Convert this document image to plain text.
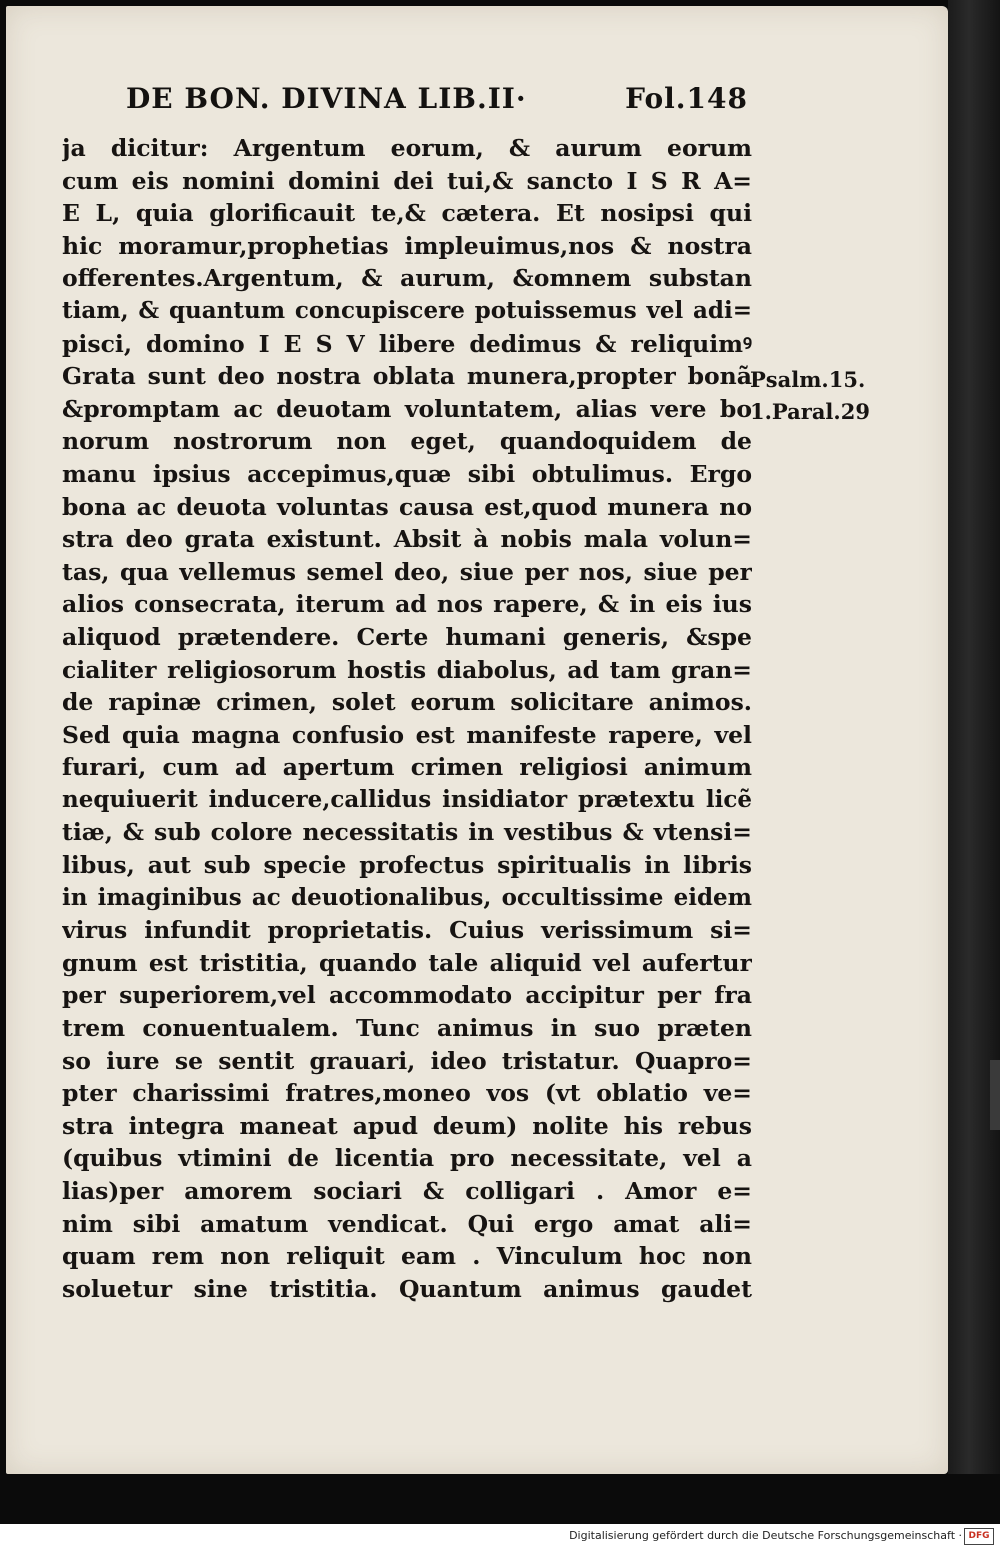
DE BON. DIVINA LIB.II·	Fol.148
ja dicitur: Argentum eorum, & aurum eorum
cum eis nomini domini dei tui,& sancto I S R A=
E L, quia glorificauit te,& cætera. Et nosipsi qui
hic moramur,prophetias impleuimus,nos & nostra
offerentes.Argentum, & aurum, &omnem substan
tiam, & quantum concupiscere potuissemus vel adi=
pisci, domino I E S V libere dedimus & reliquimꝰ
Grata sunt deo nostra oblata munera,propter bonã
&promptam ac deuotam voluntatem, alias vere bo
norum nostrorum non eget, quandoquidem de
manu ipsius accepimus,quæ sibi obtulimus. Ergo
bona ac deuota voluntas causa est,quod munera no
stra deo grata existunt. Absit à nobis mala volun=
tas, qua vellemus semel deo, siue per nos, siue per
alios consecrata, iterum ad nos rapere, & in eis ius
aliquod prætendere. Certe humani generis, &spe
cialiter religiosorum hostis diabolus, ad tam gran=
de rapinæ crimen, solet eorum solicitare animos.
Sed quia magna confusio est manifeste rapere, vel
furari, cum ad apertum crimen religiosi animum
nequiuerit inducere,callidus insidiator prætextu licẽ
tiæ, & sub colore necessitatis in vestibus & vtensi=
libus, aut sub specie profectus spiritualis in libris
in imaginibus ac deuotionalibus, occultissime eidem
virus infundit proprietatis. Cuius verissimum si=
gnum est tristitia, quando tale aliquid vel aufertur
per superiorem,vel accommodato accipitur per fra
trem conuentualem. Tunc animus in suo præten
so iure se sentit grauari, ideo tristatur. Quapro=
pter charissimi fratres,moneo vos (vt oblatio ve=
stra integra maneat apud deum) nolite his rebus
(quibus vtimini de licentia pro necessitate, vel a
lias)per amorem sociari & colligari . Amor e=
nim sibi amatum vendicat. Qui ergo amat ali=
quam rem non reliquit eam . Vinculum hoc non
soluetur sine tristitia. Quantum animus gaudet
Psalm.15.
1.Paral.29
Digitalisierung gefördert durch die Deutsche Forschungsgemeinschaft · DFG
